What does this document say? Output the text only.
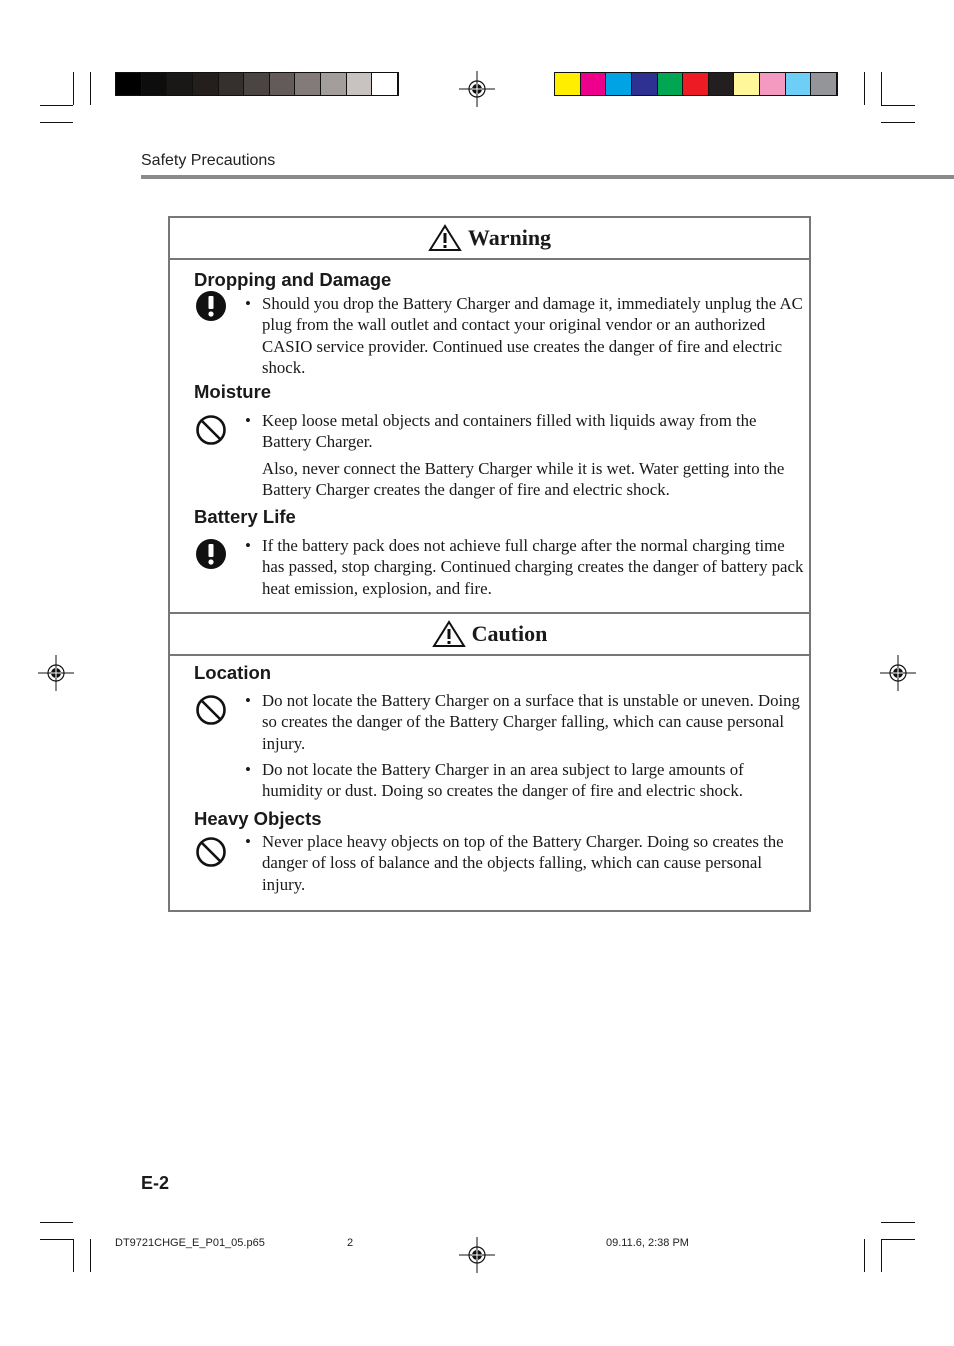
Safety Precautions
Warning
Dropping and Damage
• Should you drop the Battery Charger and damage it, immediately unplug the AC plug from the wall outlet and contact your original vendor or an authorized CASIO service provider. Continued use creates the danger of fire and electric shock.
Moisture
• Keep loose metal objects and containers filled with liquids away from the Battery Charger.
Also, never connect the Battery Charger while it is wet. Water getting into the Battery Charger creates the danger of fire and electric shock.
Battery Life
• If the battery pack does not achieve full charge after the normal charging time has passed, stop charging. Continued charging creates the danger of battery pack heat emission, explosion, and fire.
Caution
Location
• Do not locate the Battery Charger on a surface that is unstable or uneven. Doing so creates the danger of the Battery Charger falling, which can cause personal injury.
• Do not locate the Battery Charger in an area subject to large amounts of humidity or dust. Doing so creates the danger of fire and electric shock.
Heavy Objects
• Never place heavy objects on top of the Battery Charger. Doing so creates the danger of loss of balance and the objects falling, which can cause personal injury.
E-2
DT9721CHGE_E_P01_05.p65	2	09.11.6, 2:38 PM
